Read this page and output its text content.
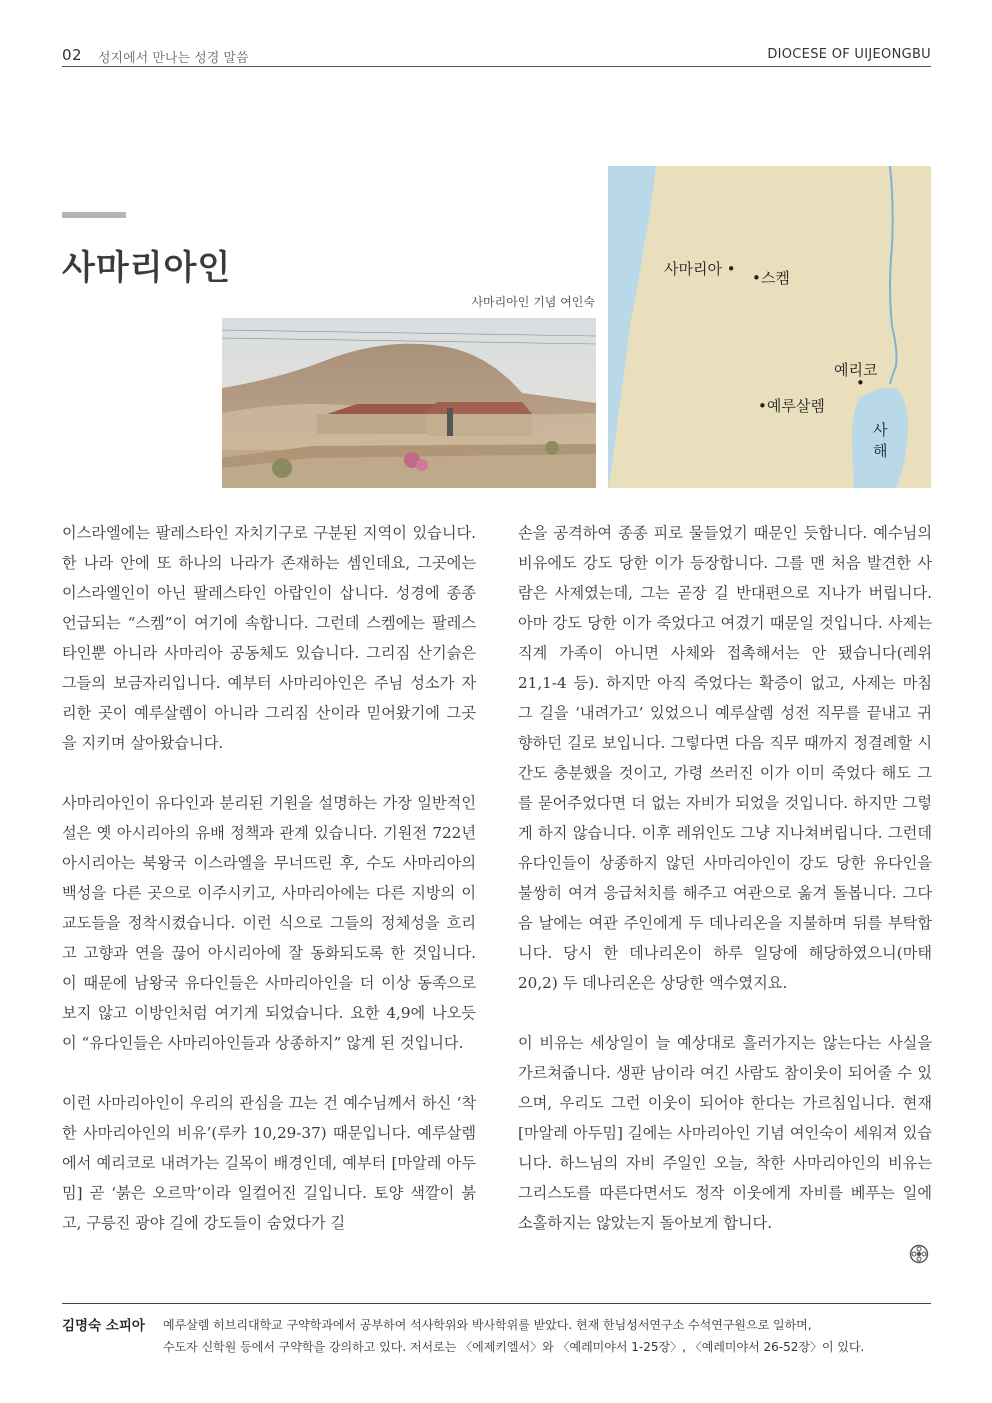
02 성지에서 만나는 성경 말씀	DIOCESE OF UIJEONGBU
사마리아인
사마리아인 기념 여인숙
사마리아 • •스켐
예리코
•
•예루살렘
사
해

이스라엘에는 팔레스타인 자치기구로 구분된 지역이 있습니다. 한 나라 안에 또 하나의 나라가 존재하는 셈인데요, 그곳에는 이스라엘인이 아닌 팔레스타인 아랍인이 삽니다. 성경에 종종 언급되는 “스켐”이 여기에 속합니다. 그런데 스켐에는 팔레스타인뿐 아니라 사마리아 공동체도 있습니다. 그리짐 산기슭은 그들의 보금자리입니다. 예부터 사마리아인은 주님 성소가 자리한 곳이 예루살렘이 아니라 그리짐 산이라 믿어왔기에 그곳을 지키며 살아왔습니다.

사마리아인이 유다인과 분리된 기원을 설명하는 가장 일반적인 설은 옛 아시리아의 유배 정책과 관계 있습니다. 기원전 722년 아시리아는 북왕국 이스라엘을 무너뜨린 후, 수도 사마리아의 백성을 다른 곳으로 이주시키고, 사마리아에는 다른 지방의 이교도들을 정착시켰습니다. 이런 식으로 그들의 정체성을 흐리고 고향과 연을 끊어 아시리아에 잘 동화되도록 한 것입니다. 이 때문에 남왕국 유다인들은 사마리아인을 더 이상 동족으로 보지 않고 이방인처럼 여기게 되었습니다. 요한 4,9에 나오듯이 “유다인들은 사마리아인들과 상종하지” 않게 된 것입니다.

이런 사마리아인이 우리의 관심을 끄는 건 예수님께서 하신 ‘착한 사마리아인의 비유’(루카 10,29-37) 때문입니다. 예루살렘에서 예리코로 내려가는 길목이 배경인데, 예부터 [마알레 아두밈] 곧 ‘붉은 오르막’이라 일컬어진 길입니다. 토양 색깔이 붉고, 구릉진 광야 길에 강도들이 숨었다가 길

손을 공격하여 종종 피로 물들었기 때문인 듯합니다. 예수님의 비유에도 강도 당한 이가 등장합니다. 그를 맨 처음 발견한 사람은 사제였는데, 그는 곧장 길 반대편으로 지나가 버립니다. 아마 강도 당한 이가 죽었다고 여겼기 때문일 것입니다. 사제는 직계 가족이 아니면 사체와 접촉해서는 안 됐습니다(레위 21,1-4 등). 하지만 아직 죽었다는 확증이 없고, 사제는 마침 그 길을 ‘내려가고’ 있었으니 예루살렘 성전 직무를 끝내고 귀향하던 길로 보입니다. 그렇다면 다음 직무 때까지 정결례할 시간도 충분했을 것이고, 가령 쓰러진 이가 이미 죽었다 해도 그를 묻어주었다면 더 없는 자비가 되었을 것입니다. 하지만 그렇게 하지 않습니다. 이후 레위인도 그냥 지나쳐버립니다. 그런데 유다인들이 상종하지 않던 사마리아인이 강도 당한 유다인을 불쌍히 여겨 응급처치를 해주고 여관으로 옮겨 돌봅니다. 그다음 날에는 여관 주인에게 두 데나리온을 지불하며 뒤를 부탁합니다. 당시 한 데나리온이 하루 일당에 해당하였으니(마태 20,2) 두 데나리온은 상당한 액수였지요.

이 비유는 세상일이 늘 예상대로 흘러가지는 않는다는 사실을 가르쳐줍니다. 생판 남이라 여긴 사람도 참이웃이 되어줄 수 있으며, 우리도 그런 이웃이 되어야 한다는 가르침입니다. 현재 [마알레 아두밈] 길에는 사마리아인 기념 여인숙이 세워져 있습니다. 하느님의 자비 주일인 오늘, 착한 사마리아인의 비유는 그리스도를 따른다면서도 정작 이웃에게 자비를 베푸는 일에 소홀하지는 않았는지 돌아보게 합니다.

김명숙 소피아 예루살렘 히브리대학교 구약학과에서 공부하여 석사학위와 박사학위를 받았다. 현재 한님성서연구소 수석연구원으로 일하며,
수도자 신학원 등에서 구약학을 강의하고 있다. 저서로는 〈에제키엘서〉와 〈예레미야서 1-25장〉, 〈예레미야서 26-52장〉이 있다.
